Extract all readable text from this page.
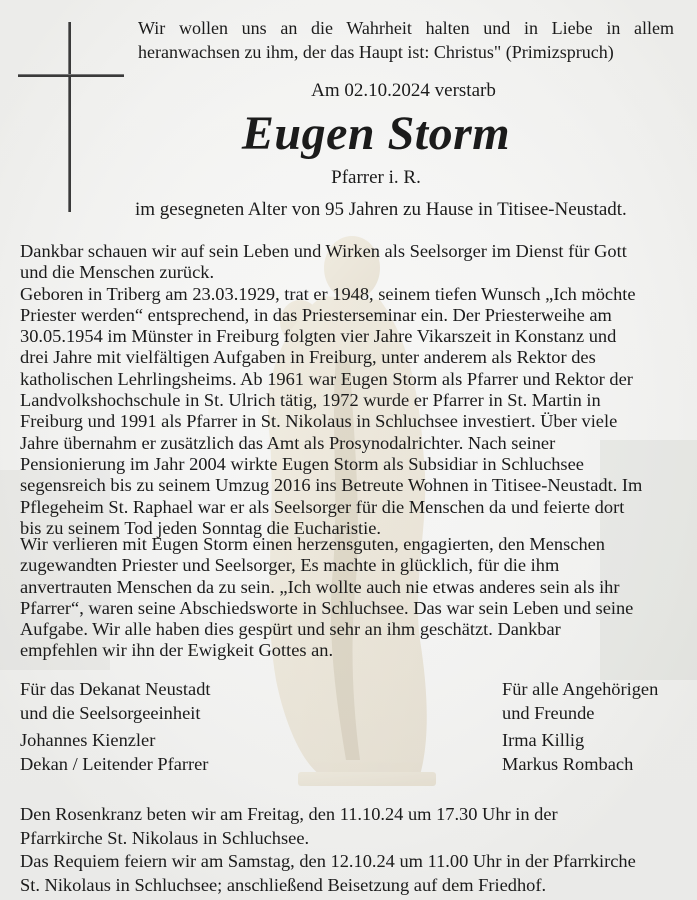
Wir wollen uns an die Wahrheit halten und in Liebe in allem heranwachsen zu ihm, der das Haupt ist: Christus" (Primizspruch)

Am 02.10.2024 verstarb

Eugen Storm

Pfarrer i. R.

im gesegneten Alter von 95 Jahren zu Hause in Titisee-Neustadt.

Dankbar schauen wir auf sein Leben und Wirken als Seelsorger im Dienst für Gott
und die Menschen zurück.
Geboren in Triberg am 23.03.1929, trat er 1948, seinem tiefen Wunsch „Ich möchte
Priester werden“ entsprechend, in das Priesterseminar ein. Der Priesterweihe am
30.05.1954 im Münster in Freiburg folgten vier Jahre Vikarszeit in Konstanz und
drei Jahre mit vielfältigen Aufgaben in Freiburg, unter anderem als Rektor des
katholischen Lehrlingsheims. Ab 1961 war Eugen Storm als Pfarrer und Rektor der
Landvolkshochschule in St. Ulrich tätig, 1972 wurde er Pfarrer in St. Martin in
Freiburg und 1991 als Pfarrer in St. Nikolaus in Schluchsee investiert. Über viele
Jahre übernahm er zusätzlich das Amt als Prosynodalrichter. Nach seiner
Pensionierung im Jahr 2004 wirkte Eugen Storm als Subsidiar in Schluchsee
segensreich bis zu seinem Umzug 2016 ins Betreute Wohnen in Titisee-Neustadt. Im
Pflegeheim St. Raphael war er als Seelsorger für die Menschen da und feierte dort
bis zu seinem Tod jeden Sonntag die Eucharistie.

Wir verlieren mit Eugen Storm einen herzensguten, engagierten, den Menschen
zugewandten Priester und Seelsorger, Es machte in glücklich, für die ihm
anvertrauten Menschen da zu sein. „Ich wollte auch nie etwas anderes sein als ihr
Pfarrer“, waren seine Abschiedsworte in Schluchsee. Das war sein Leben und seine
Aufgabe. Wir alle haben dies gespürt und sehr an ihm geschätzt. Dankbar
empfehlen wir ihn der Ewigkeit Gottes an.

Für das Dekanat Neustadt
und die Seelsorgeeinheit

Johannes Kienzler
Dekan / Leitender Pfarrer

Für alle Angehörigen
und Freunde

Irma Killig
Markus Rombach

Den Rosenkranz beten wir am Freitag, den 11.10.24 um 17.30 Uhr in der
Pfarrkirche St. Nikolaus in Schluchsee.
Das Requiem feiern wir am Samstag, den 12.10.24 um 11.00 Uhr in der Pfarrkirche
St. Nikolaus in Schluchsee; anschließend Beisetzung auf dem Friedhof.
